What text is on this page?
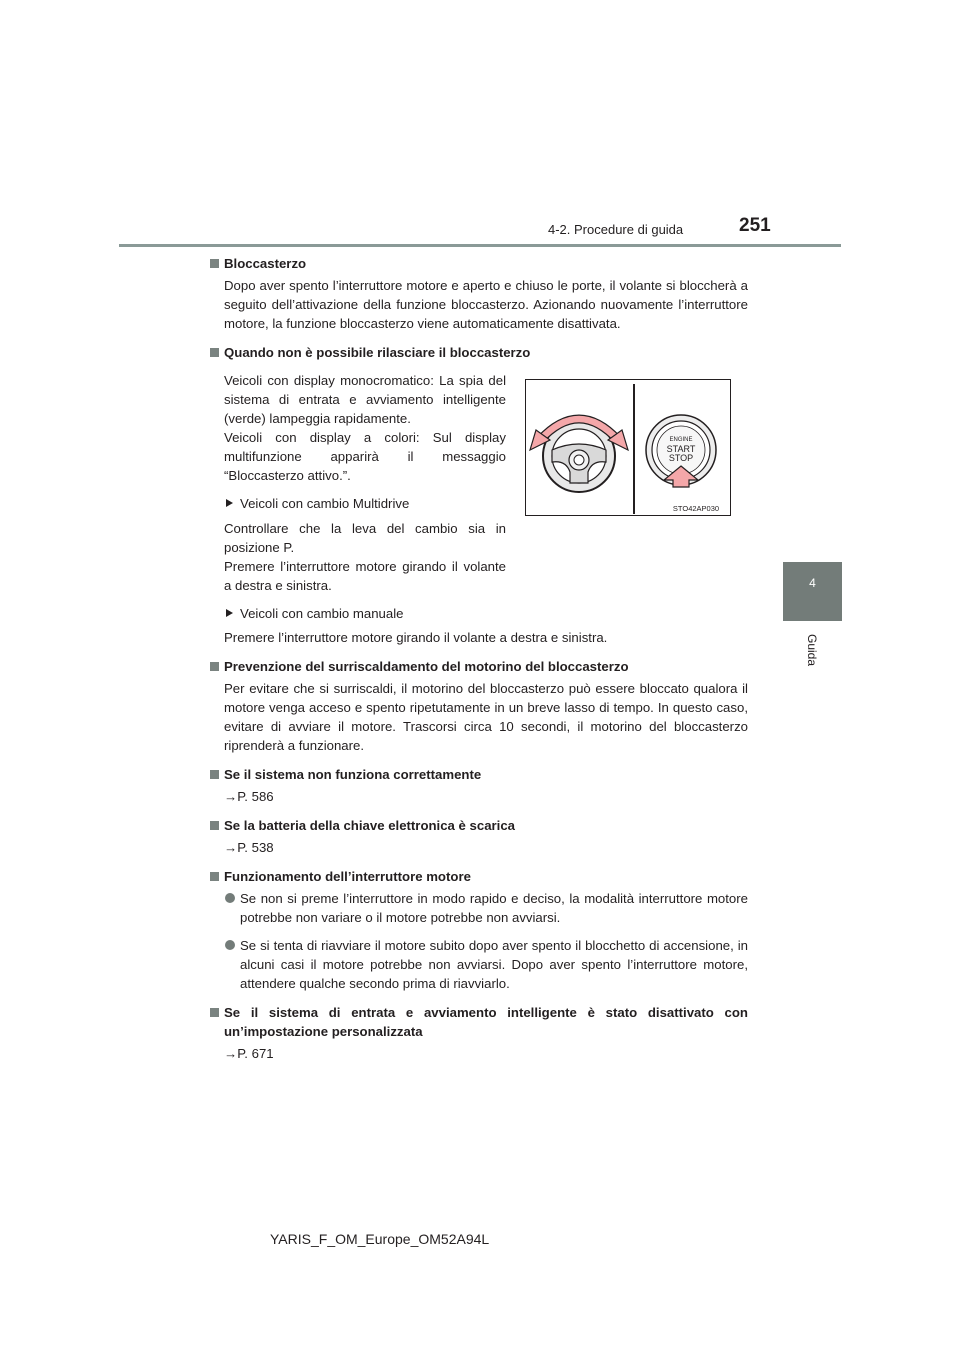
4-2. Procedure di guida	251
4
Guida
ENGINE
START
STOP
STO42AP030
Bloccasterzo
Dopo aver spento l’interruttore motore e aperto e chiuso le porte, il volante si bloccherà a seguito dell’attivazione della funzione bloccasterzo. Azionando nuovamente l’interruttore motore, la funzione bloccasterzo viene automaticamente disattivata.
Quando non è possibile rilasciare il bloccasterzo
Veicoli con display monocromatico: La spia del sistema di entrata e avviamento intelligente (verde) lampeggia rapidamente.
Veicoli con display a colori: Sul display multifunzione apparirà il messaggio “Bloccasterzo attivo.”.
Veicoli con cambio Multidrive
Controllare che la leva del cambio sia in posizione P.
Premere l’interruttore motore girando il volante a destra e sinistra.
Veicoli con cambio manuale
Premere l’interruttore motore girando il volante a destra e sinistra.
Prevenzione del surriscaldamento del motorino del bloccasterzo
Per evitare che si surriscaldi, il motorino del bloccasterzo può essere bloccato qualora il motore venga acceso e spento ripetutamente in un breve lasso di tempo. In questo caso, evitare di avviare il motore. Trascorsi circa 10 secondi, il motorino del bloccasterzo riprenderà a funzionare.
Se il sistema non funziona correttamente
→P. 586
Se la batteria della chiave elettronica è scarica
→P. 538
Funzionamento dell’interruttore motore
Se non si preme l’interruttore in modo rapido e deciso, la modalità interruttore motore potrebbe non variare o il motore potrebbe non avviarsi.
Se si tenta di riavviare il motore subito dopo aver spento il blocchetto di accensione, in alcuni casi il motore potrebbe non avviarsi. Dopo aver spento l’interruttore motore, attendere qualche secondo prima di riavviarlo.
Se il sistema di entrata e avviamento intelligente è stato disattivato con un’impostazione personalizzata
→P. 671
YARIS_F_OM_Europe_OM52A94L
